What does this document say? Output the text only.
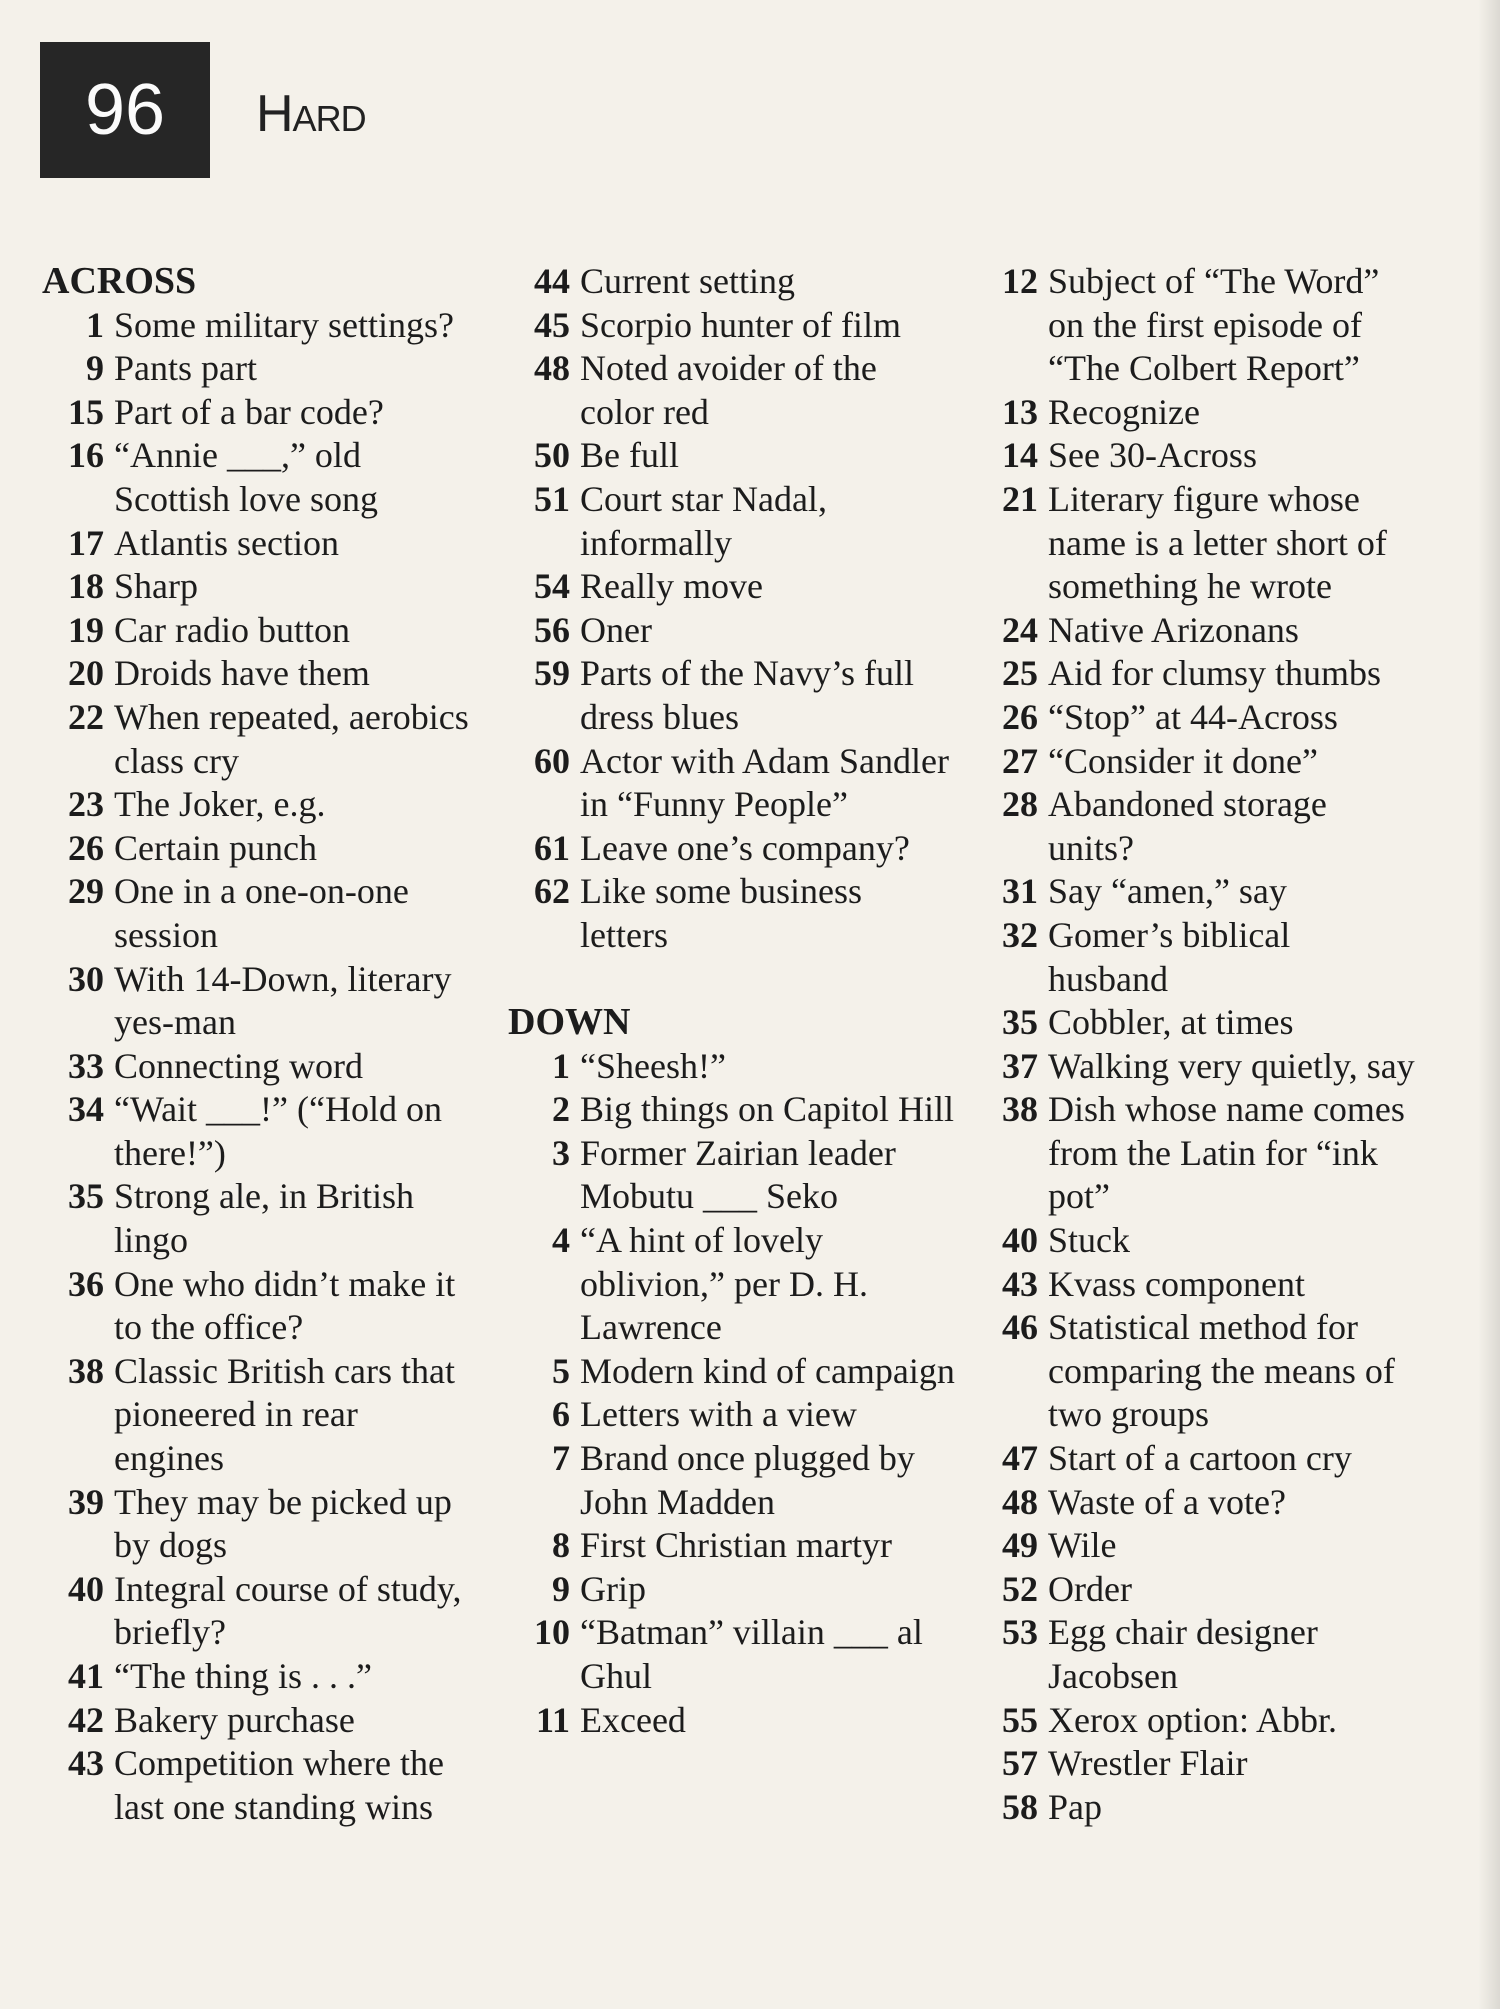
96	Hard
ACROSS
1 Some military settings?
9 Pants part
15 Part of a bar code?
16 “Annie ___,” old Scottish love song
17 Atlantis section
18 Sharp
19 Car radio button
20 Droids have them
22 When repeated, aerobics class cry
23 The Joker, e.g.
26 Certain punch
29 One in a one-on-one session
30 With 14-Down, literary yes-man
33 Connecting word
34 “Wait ___!” (“Hold on there!”)
35 Strong ale, in British lingo
36 One who didn’t make it to the office?
38 Classic British cars that pioneered in rear engines
39 They may be picked up by dogs
40 Integral course of study, briefly?
41 “The thing is . . .”
42 Bakery purchase
43 Competition where the last one standing wins
44 Current setting
45 Scorpio hunter of film
48 Noted avoider of the color red
50 Be full
51 Court star Nadal, informally
54 Really move
56 Oner
59 Parts of the Navy’s full dress blues
60 Actor with Adam Sandler in “Funny People”
61 Leave one’s company?
62 Like some business letters
DOWN
1 “Sheesh!”
2 Big things on Capitol Hill
3 Former Zairian leader Mobutu ___ Seko
4 “A hint of lovely oblivion,” per D. H. Lawrence
5 Modern kind of campaign
6 Letters with a view
7 Brand once plugged by John Madden
8 First Christian martyr
9 Grip
10 “Batman” villain ___ al Ghul
11 Exceed
12 Subject of “The Word” on the first episode of “The Colbert Report”
13 Recognize
14 See 30-Across
21 Literary figure whose name is a letter short of something he wrote
24 Native Arizonans
25 Aid for clumsy thumbs
26 “Stop” at 44-Across
27 “Consider it done”
28 Abandoned storage units?
31 Say “amen,” say
32 Gomer’s biblical husband
35 Cobbler, at times
37 Walking very quietly, say
38 Dish whose name comes from the Latin for “ink pot”
40 Stuck
43 Kvass component
46 Statistical method for comparing the means of two groups
47 Start of a cartoon cry
48 Waste of a vote?
49 Wile
52 Order
53 Egg chair designer Jacobsen
55 Xerox option: Abbr.
57 Wrestler Flair
58 Pap
